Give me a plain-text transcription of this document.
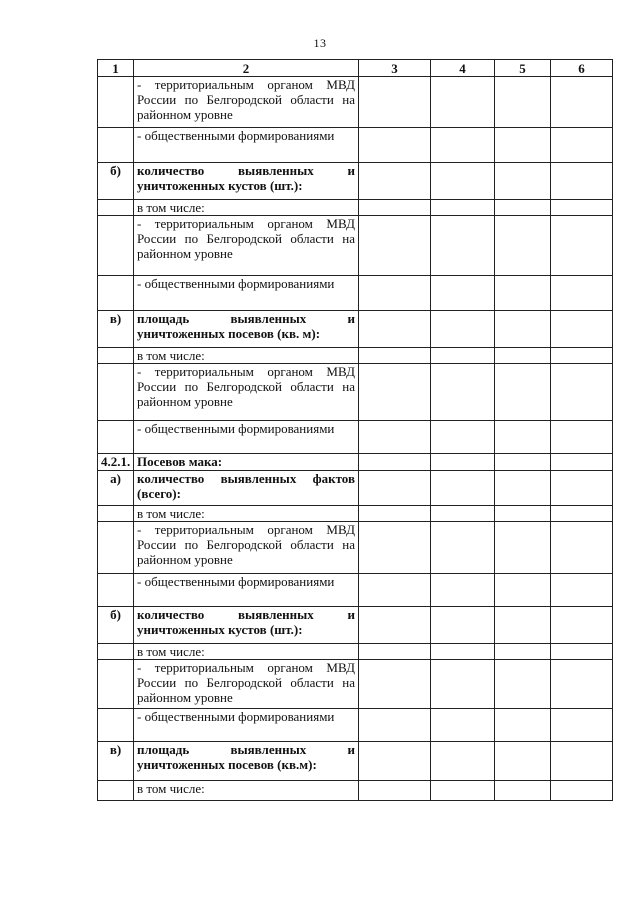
13
1	2	3	4	5	6
	- территориальным органом МВД России по Белгородской области на районном уровне				
	- общественными формированиями				
б)	количество выявленных и уничтоженных кустов (шт.):				
	в том числе:				
	- территориальным органом МВД России по Белгородской области на районном уровне				
	- общественными формированиями				
в)	площадь выявленных и уничтоженных посевов (кв. м):				
	в том числе:				
	- территориальным органом МВД России по Белгородской области на районном уровне				
	- общественными формированиями				
4.2.1.	Посевов мака:				
а)	количество выявленных фактов (всего):				
	в том числе:				
	- территориальным органом МВД России по Белгородской области на районном уровне				
	- общественными формированиями				
б)	количество выявленных и уничтоженных кустов (шт.):				
	в том числе:				
	- территориальным органом МВД России по Белгородской области на районном уровне				
	- общественными формированиями				
в)	площадь выявленных и уничтоженных посевов (кв.м):				
	в том числе:				
